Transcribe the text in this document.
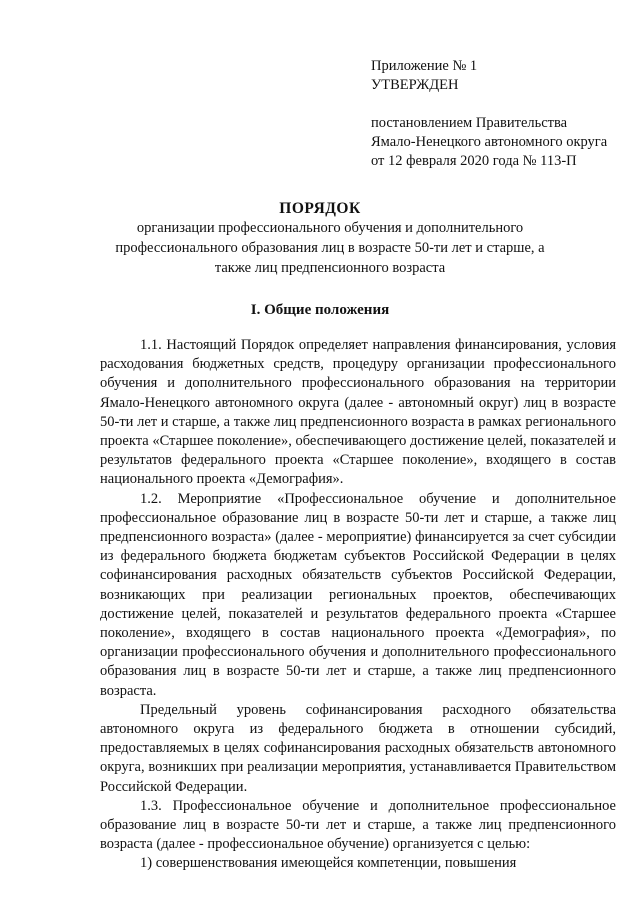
Приложение № 1
УТВЕРЖДЕН
постановлением Правительства
Ямало-Ненецкого автономного округа
от 12 февраля 2020 года № 113-П
ПОРЯДОК
организации профессионального обучения и дополнительного профессионального образования лиц в возрасте 50-ти лет и старше, а также лиц предпенсионного возраста
I. Общие положения

1.1. Настоящий Порядок определяет направления финансирования, условия расходования бюджетных средств, процедуру организации профессионального обучения и дополнительного профессионального образования на территории Ямало-Ненецкого автономного округа (далее - автономный округ) лиц в возрасте 50-ти лет и старше, а также лиц предпенсионного возраста в рамках регионального проекта «Старшее поколение», обеспечивающего достижение целей, показателей и результатов федерального проекта «Старшее поколение», входящего в состав национального проекта «Демография».

1.2. Мероприятие «Профессиональное обучение и дополнительное профессиональное образование лиц в возрасте 50-ти лет и старше, а также лиц предпенсионного возраста» (далее - мероприятие) финансируется за счет субсидии из федерального бюджета бюджетам субъектов Российской Федерации в целях софинансирования расходных обязательств субъектов Российской Федерации, возникающих при реализации региональных проектов, обеспечивающих достижение целей, показателей и результатов федерального проекта «Старшее поколение», входящего в состав национального проекта «Демография», по организации профессионального обучения и дополнительного профессионального образования лиц в возрасте 50-ти лет и старше, а также лиц предпенсионного возраста.

Предельный уровень софинансирования расходного обязательства автономного округа из федерального бюджета в отношении субсидий, предоставляемых в целях софинансирования расходных обязательств автономного округа, возникших при реализации мероприятия, устанавливается Правительством Российской Федерации.

1.3. Профессиональное обучение и дополнительное профессиональное образование лиц в возрасте 50-ти лет и старше, а также лиц предпенсионного возраста (далее - профессиональное обучение) организуется с целью:

1) совершенствования имеющейся компетенции, повышения
